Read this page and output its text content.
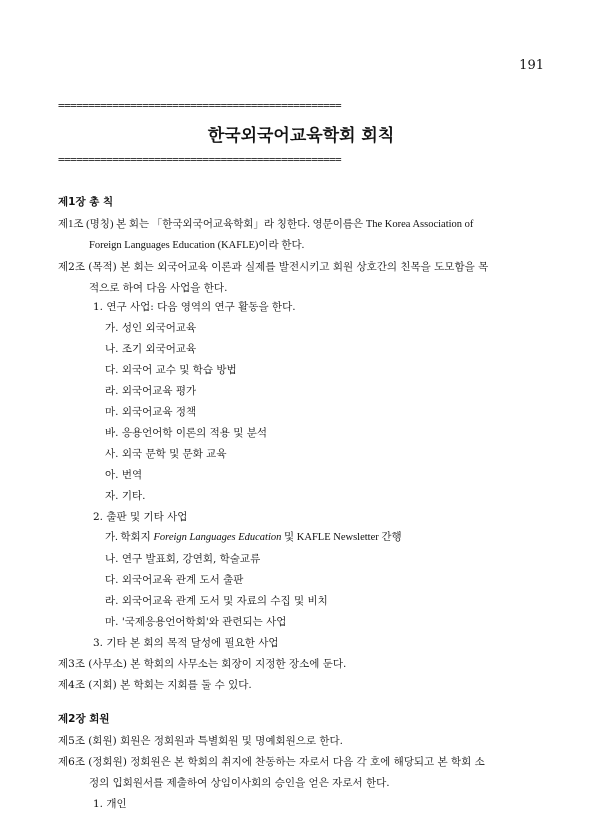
191
===============================================
한국외국어교육학회 회칙
===============================================
제1장 총 칙
제1조 (명칭) 본 회는 「한국외국어교육학회」라 칭한다. 영문이름은 The Korea Association of
Foreign Languages Education (KAFLE)이라 한다.
제2조 (목적) 본 회는 외국어교육 이론과 실제를 발전시키고 회원 상호간의 친목을 도모함을 목
적으로 하여 다음 사업을 한다.
1. 연구 사업: 다음 영역의 연구 활동을 한다.
가. 성인 외국어교육
나. 조기 외국어교육
다. 외국어 교수 및 학습 방법
라. 외국어교육 평가
마. 외국어교육 정책
바. 응용언어학 이론의 적용 및 분석
사. 외국 문학 및 문화 교육
아. 번역
자. 기타.
2. 출판 및 기타 사업
가. 학회지 Foreign Languages Education 및 KAFLE Newsletter 간행
나. 연구 발표회, 강연회, 학술교류
다. 외국어교육 관계 도서 출판
라. 외국어교육 관계 도서 및 자료의 수집 및 비치
마. '국제응용언어학회'와 관련되는 사업
3. 기타 본 회의 목적 달성에 필요한 사업
제3조 (사무소) 본 학회의 사무소는 회장이 지정한 장소에 둔다.
제4조 (지회) 본 학회는 지회를 둘 수 있다.
제2장 회원
제5조 (회원) 회원은 정회원과 특별회원 및 명예회원으로 한다.
제6조 (정회원) 정회원은 본 학회의 취지에 찬동하는 자로서 다음 각 호에 해당되고 본 학회 소
정의 입회원서를 제출하여 상임이사회의 승인을 얻은 자로서 한다.
1. 개인
